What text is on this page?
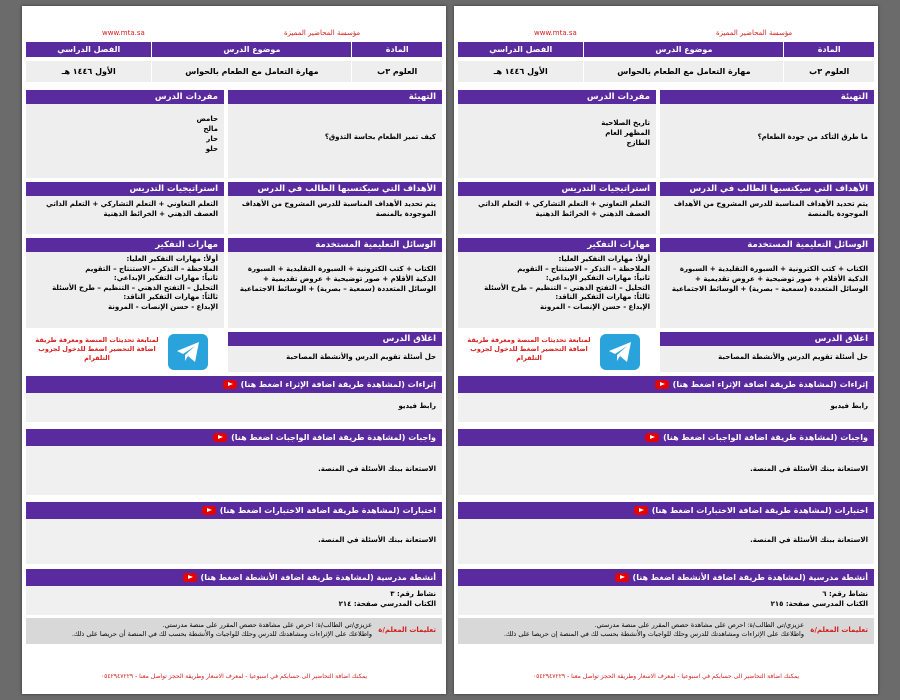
www.mta.sa	مؤسسة المحاضير المميزة
المادة
موضوع الدرس
الفصل الدراسي
العلوم ٣ب
مهارة التعامل مع الطعام بالحواس
الأول ١٤٤٦ هـ
التهيئة
كيف تميز الطعام بحاسة التذوق؟
مفردات الدرس
حامض
مالح
حار
حلو
الأهداف التي سيكتسبها الطالب في الدرس
يتم تحديد الأهداف المناسبة للدرس المشروح من الأهداف الموجودة بالمنصة
استراتيجيات التدريس
التعلم التعاوني + التعلم التشاركي + التعلم الذاتي العصف الذهني + الخرائط الذهنية
الوسائل التعليمية المستخدمة
الكتاب + كتب الكترونية + السبورة التقليدية + السبورة الذكية الأقلام + صور توضيحية + عروض تقديمية + الوسائل المتعددة (سمعية – بصرية) + الوسائط الاجتماعية
مهارات التفكير
أولاً: مهارات التفكير العليا:
الملاحظة – التذكر – الاستنتاج – التقويم
ثانياً: مهارات التفكير الإبداعي:
التحليل – التفتح الذهني – التنظيم – طرح الأسئلة
ثالثاً: مهارات التفكير الناقد:
الإبداع - حسن الإنصات - المرونة
اغلاق الدرس
حل أسئلة تقويم الدرس والأنشطة المصاحبة
لمتابعة تحديثات المنصة ومعرفة طريقة اضافة التحضير اضغط للدخول لجروب التلقرام
إثراءات (لمشاهدة طريقة اضافة الإثراء اضغط هنا)
رابط فيديو
واجبات (لمشاهدة طريقة اضافة الواجبات اضغط هنا)
الاستعانة ببنك الأسئلة في المنصة.
اختبارات (لمشاهدة طريقة اضافة الاختبارات اضغط هنا)
الاستعانة ببنك الأسئلة في المنصة.
أنشطة مدرسية (لمشاهدة طريقة اضافة الأنشطة اضغط هنا)
نشاط رقم: ٣
الكتاب المدرسي صفحة: ٢١٤
تعليمات المعلم/ة
عزيزي/تي الطالب/ة: احرص على مشاهدة حصص المقرر على منصة مدرستي.
واطلاعك على الإثراءات ومشاهدتك للدرس وحلك للواجبات والأنشطة بحسب لك في المنصة أن حريصا على ذلك.
يمكنك اضافة التحاضير الى حسابكم في اسبوعيا - لمعرف الاسعار وطريقة الحجز تواصل معنا - ٠٥٤٢٩٤٧٢٢٩
www.mta.sa	مؤسسة المحاضير المميزة
المادة
موضوع الدرس
الفصل الدراسي
العلوم ٣ب
مهارة التعامل مع الطعام بالحواس
الأول ١٤٤٦ هـ
التهيئة
ما طرق التأكد من جودة الطعام؟
مفردات الدرس
تاريخ الصلاحية
المظهر العام
الطازج
الأهداف التي سيكتسبها الطالب في الدرس
يتم تحديد الأهداف المناسبة للدرس المشروح من الأهداف الموجودة بالمنصة
استراتيجيات التدريس
التعلم التعاوني + التعلم التشاركي + التعلم الذاتي العصف الذهني + الخرائط الذهنية
الوسائل التعليمية المستخدمة
الكتاب + كتب الكترونية + السبورة التقليدية + السبورة الذكية الأقلام + صور توضيحية + عروض تقديمية + الوسائل المتعددة (سمعية – بصرية) + الوسائط الاجتماعية
مهارات التفكير
أولاً: مهارات التفكير العليا:
الملاحظة – التذكر – الاستنتاج – التقويم
ثانياً: مهارات التفكير الإبداعي:
التحليل – التفتح الذهني – التنظيم – طرح الأسئلة
ثالثاً: مهارات التفكير الناقد:
الإبداع - حسن الإنصات - المرونة
اغلاق الدرس
حل أسئلة تقويم الدرس والأنشطة المصاحبة
لمتابعة تحديثات المنصة ومعرفة طريقة اضافة التحضير اضغط للدخول لجروب التلقرام
إثراءات (لمشاهدة طريقة اضافة الإثراء اضغط هنا)
رابط فيديو
واجبات (لمشاهدة طريقة اضافة الواجبات اضغط هنا)
الاستعانة ببنك الأسئلة في المنصة.
اختبارات (لمشاهدة طريقة اضافة الاختبارات اضغط هنا)
الاستعانة ببنك الأسئلة في المنصة.
أنشطة مدرسية (لمشاهدة طريقة اضافة الأنشطة اضغط هنا)
نشاط رقم: ٦
الكتاب المدرسي صفحة: ٢١٥
تعليمات المعلم/ة
عزيزي/تي الطالب/ة: احرص على مشاهدة حصص المقرر على منصة مدرستي.
واطلاعك على الإثراءات ومشاهدتك للدرس وحلك للواجبات والأنشطة بحسب لك في المنصة إن حريصا على ذلك.
يمكنك اضافة التحاضير الى حسابكم في اسبوعيا - لمعرف الاسعار وطريقة الحجز تواصل معنا - ٠٥٤٢٩٤٧٢٢٩
